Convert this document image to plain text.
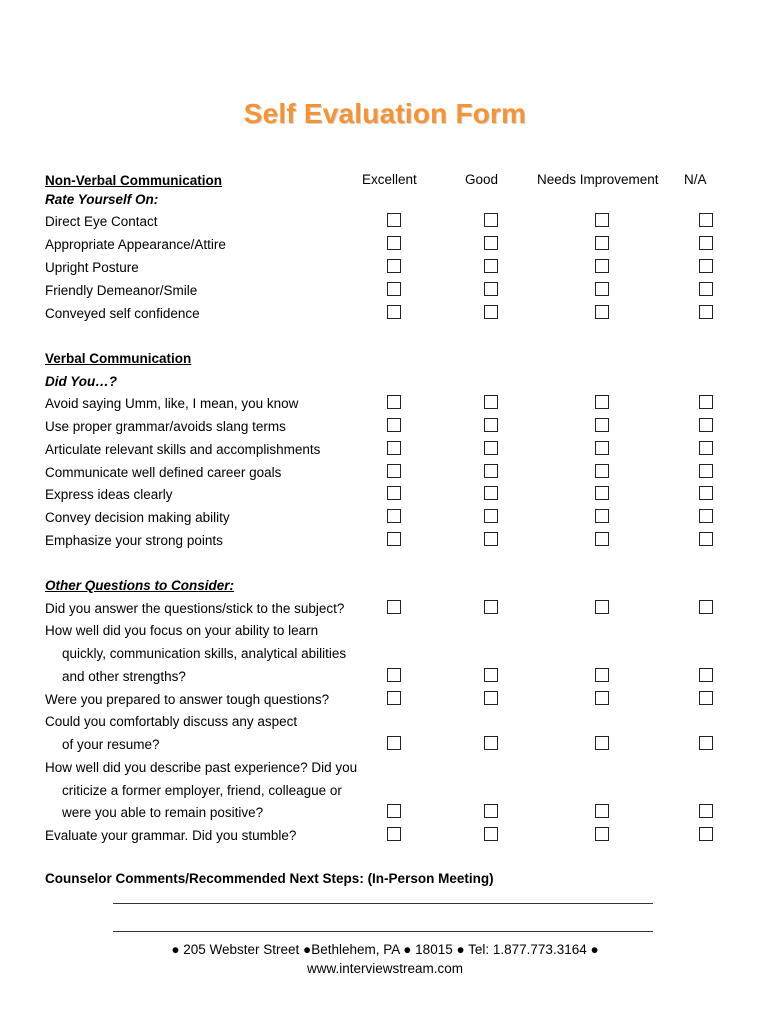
Self Evaluation Form
Excellent	Good	Needs Improvement N/A
Non-Verbal Communication
Rate Yourself On:
Direct Eye Contact
Appropriate Appearance/Attire
Upright Posture
Friendly Demeanor/Smile
Conveyed self confidence
Verbal Communication
Did You…?
Avoid saying Umm, like, I mean, you know
Use proper grammar/avoids slang terms
Articulate relevant skills and accomplishments
Communicate well defined career goals
Express ideas clearly
Convey decision making ability
Emphasize your strong points
Other Questions to Consider:
Did you answer the questions/stick to the subject?
How well did you focus on your ability to learn
quickly, communication skills, analytical abilities
and other strengths?
Were you prepared to answer tough questions?
Could you comfortably discuss any aspect
of your resume?
How well did you describe past experience? Did you
criticize a former employer, friend, colleague or
were you able to remain positive?
Evaluate your grammar. Did you stumble?
Counselor Comments/Recommended Next Steps: (In-Person Meeting)
● 205 Webster Street ●Bethlehem, PA ● 18015 ● Tel: 1.877.773.3164 ●
www.interviewstream.com
